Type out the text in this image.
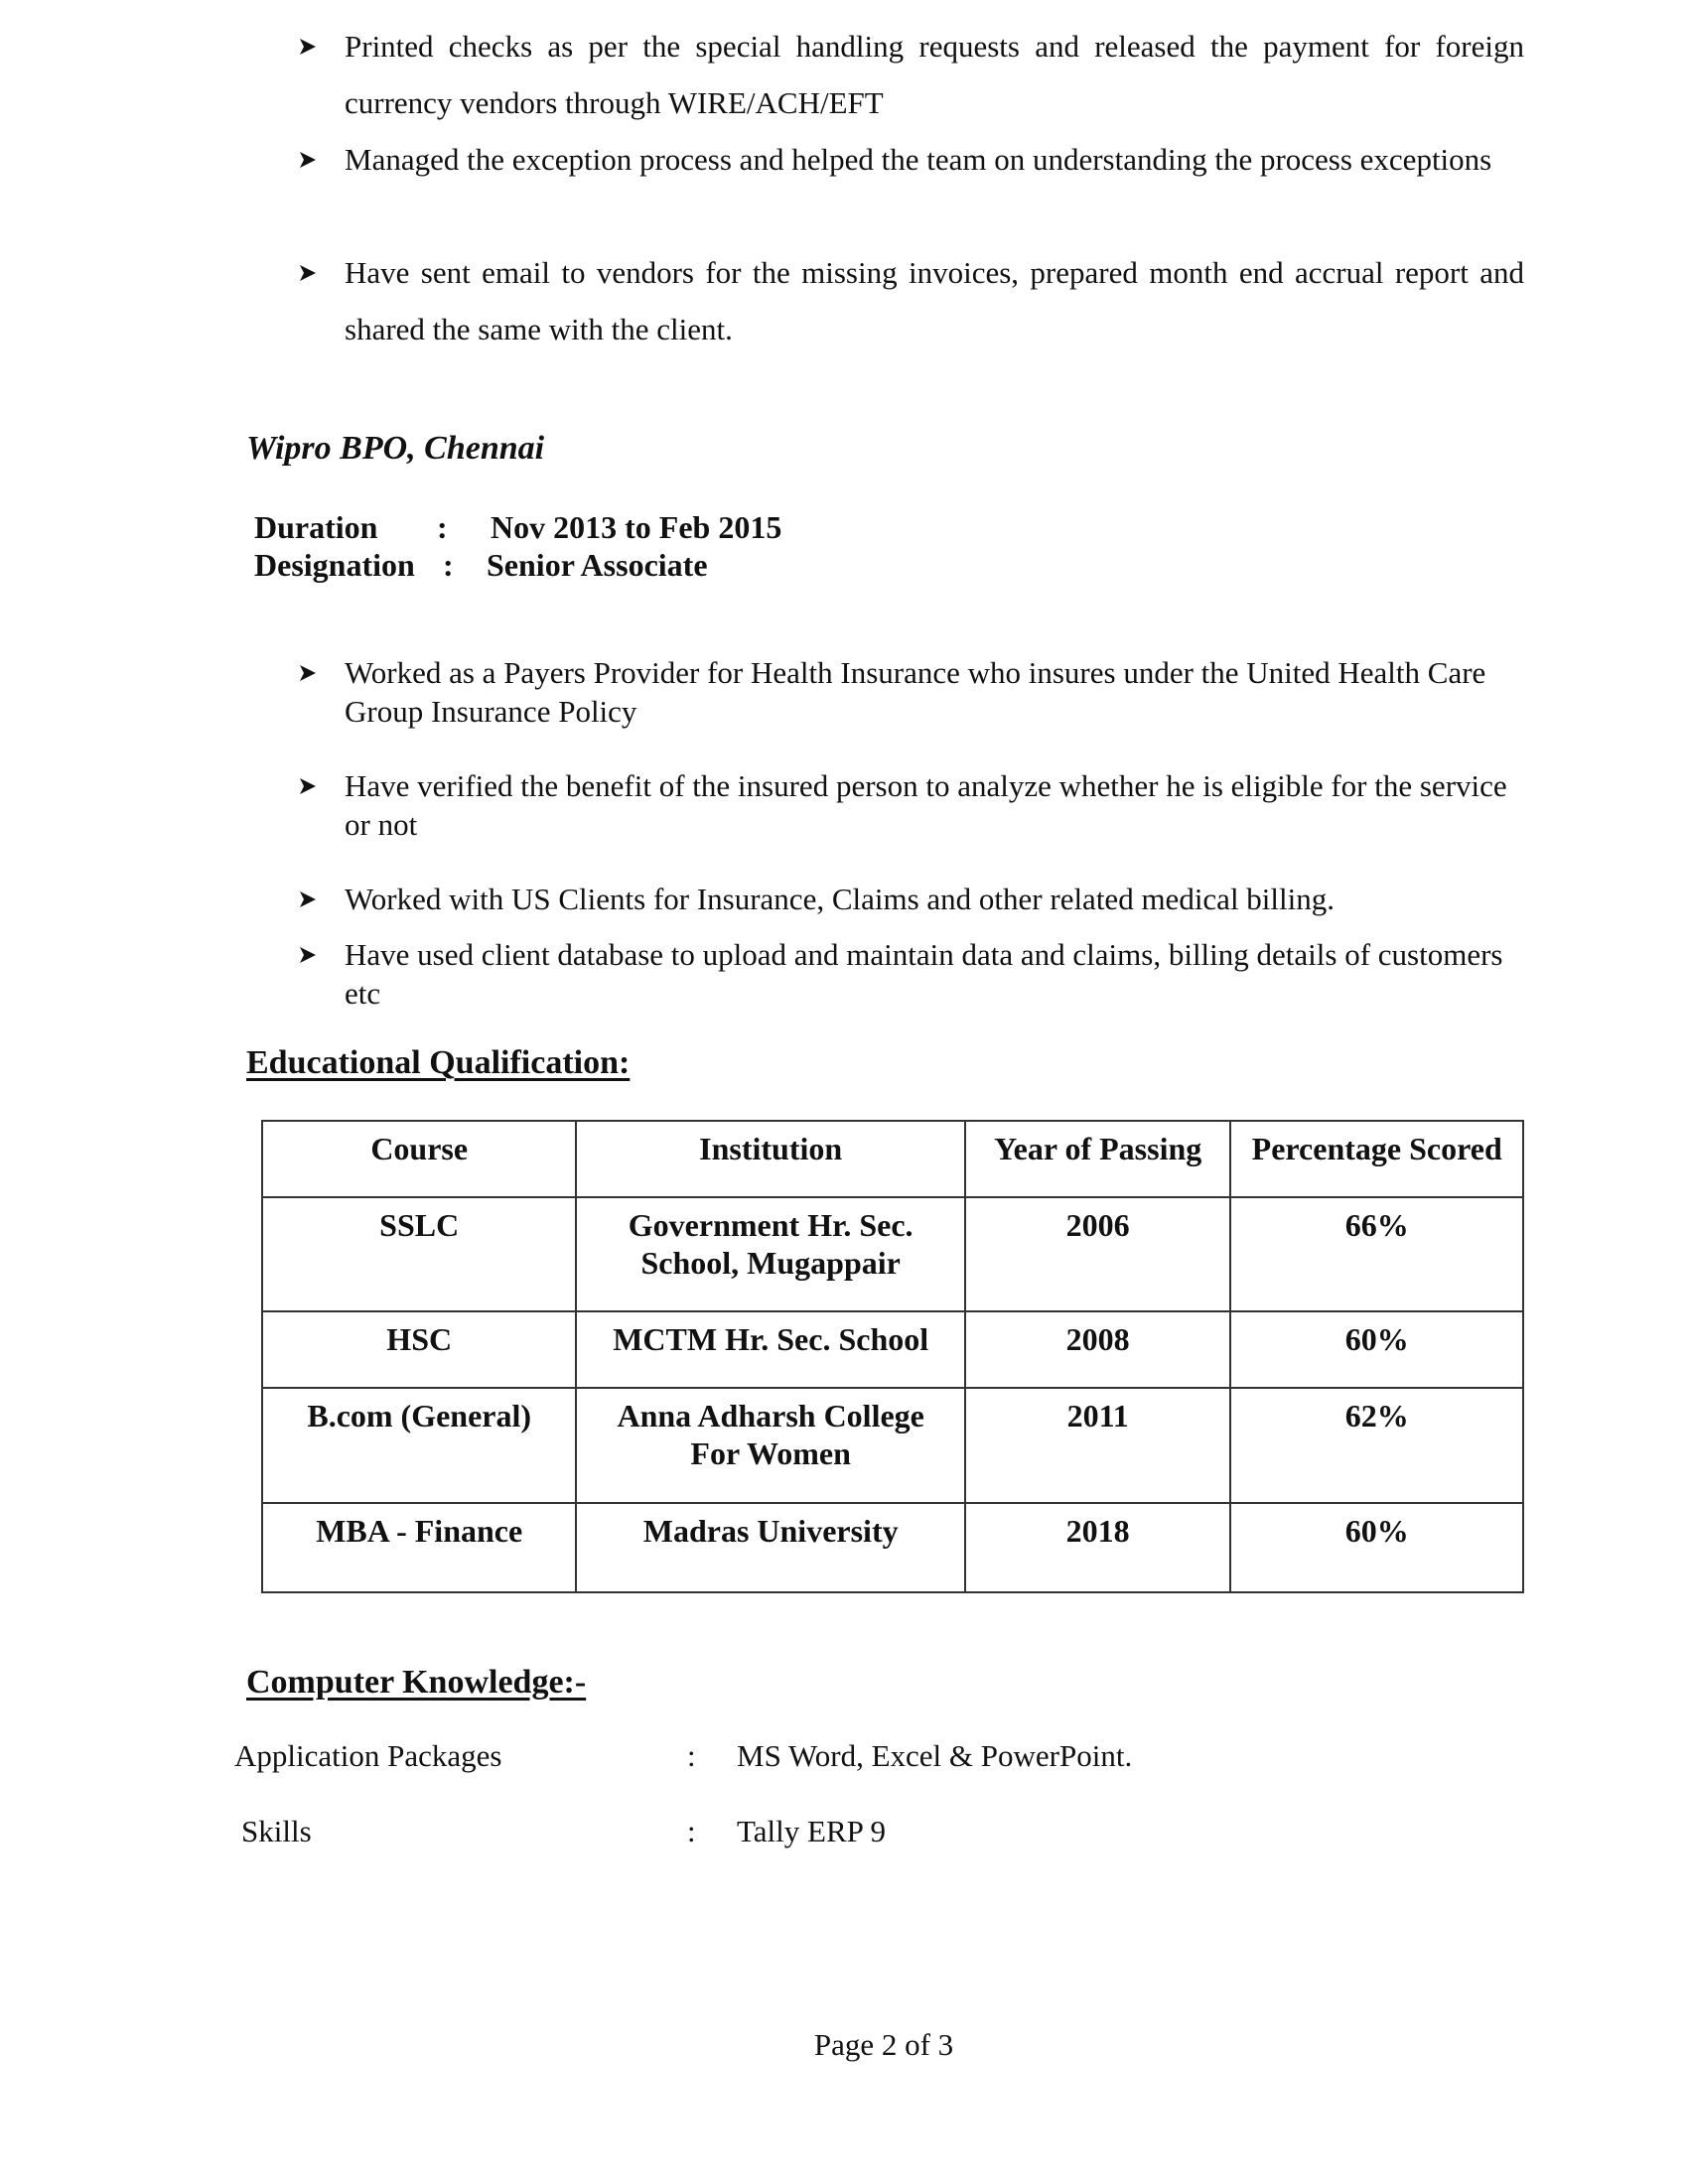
Printed checks as per the special handling requests and released the payment for foreign currency vendors through WIRE/ACH/EFT
Managed the exception process and helped the team on understanding the process exceptions
Have sent email to vendors for the missing invoices, prepared month end accrual report and shared the same with the client.
Wipro BPO, Chennai
Duration : Nov 2013 to Feb 2015
Designation : Senior Associate
Worked as a Payers Provider for Health Insurance who insures under the United Health Care Group Insurance Policy
Have verified the benefit of the insured person to analyze whether he is eligible for the service or not
Worked with US Clients for Insurance, Claims and other related medical billing.
Have used client database to upload and maintain data and claims, billing details of customers etc
Educational Qualification:
Course	Institution	Year of Passing	Percentage Scored
SSLC	Government Hr. Sec. School, Mugappair	2006	66%
HSC	MCTM Hr. Sec. School	2008	60%
B.com (General)	Anna Adharsh College For Women	2011	62%
MBA - Finance	Madras University	2018	60%
Computer Knowledge:-
Application Packages	: MS Word, Excel & PowerPoint.
Skills	: Tally ERP 9
Page 2 of 3
